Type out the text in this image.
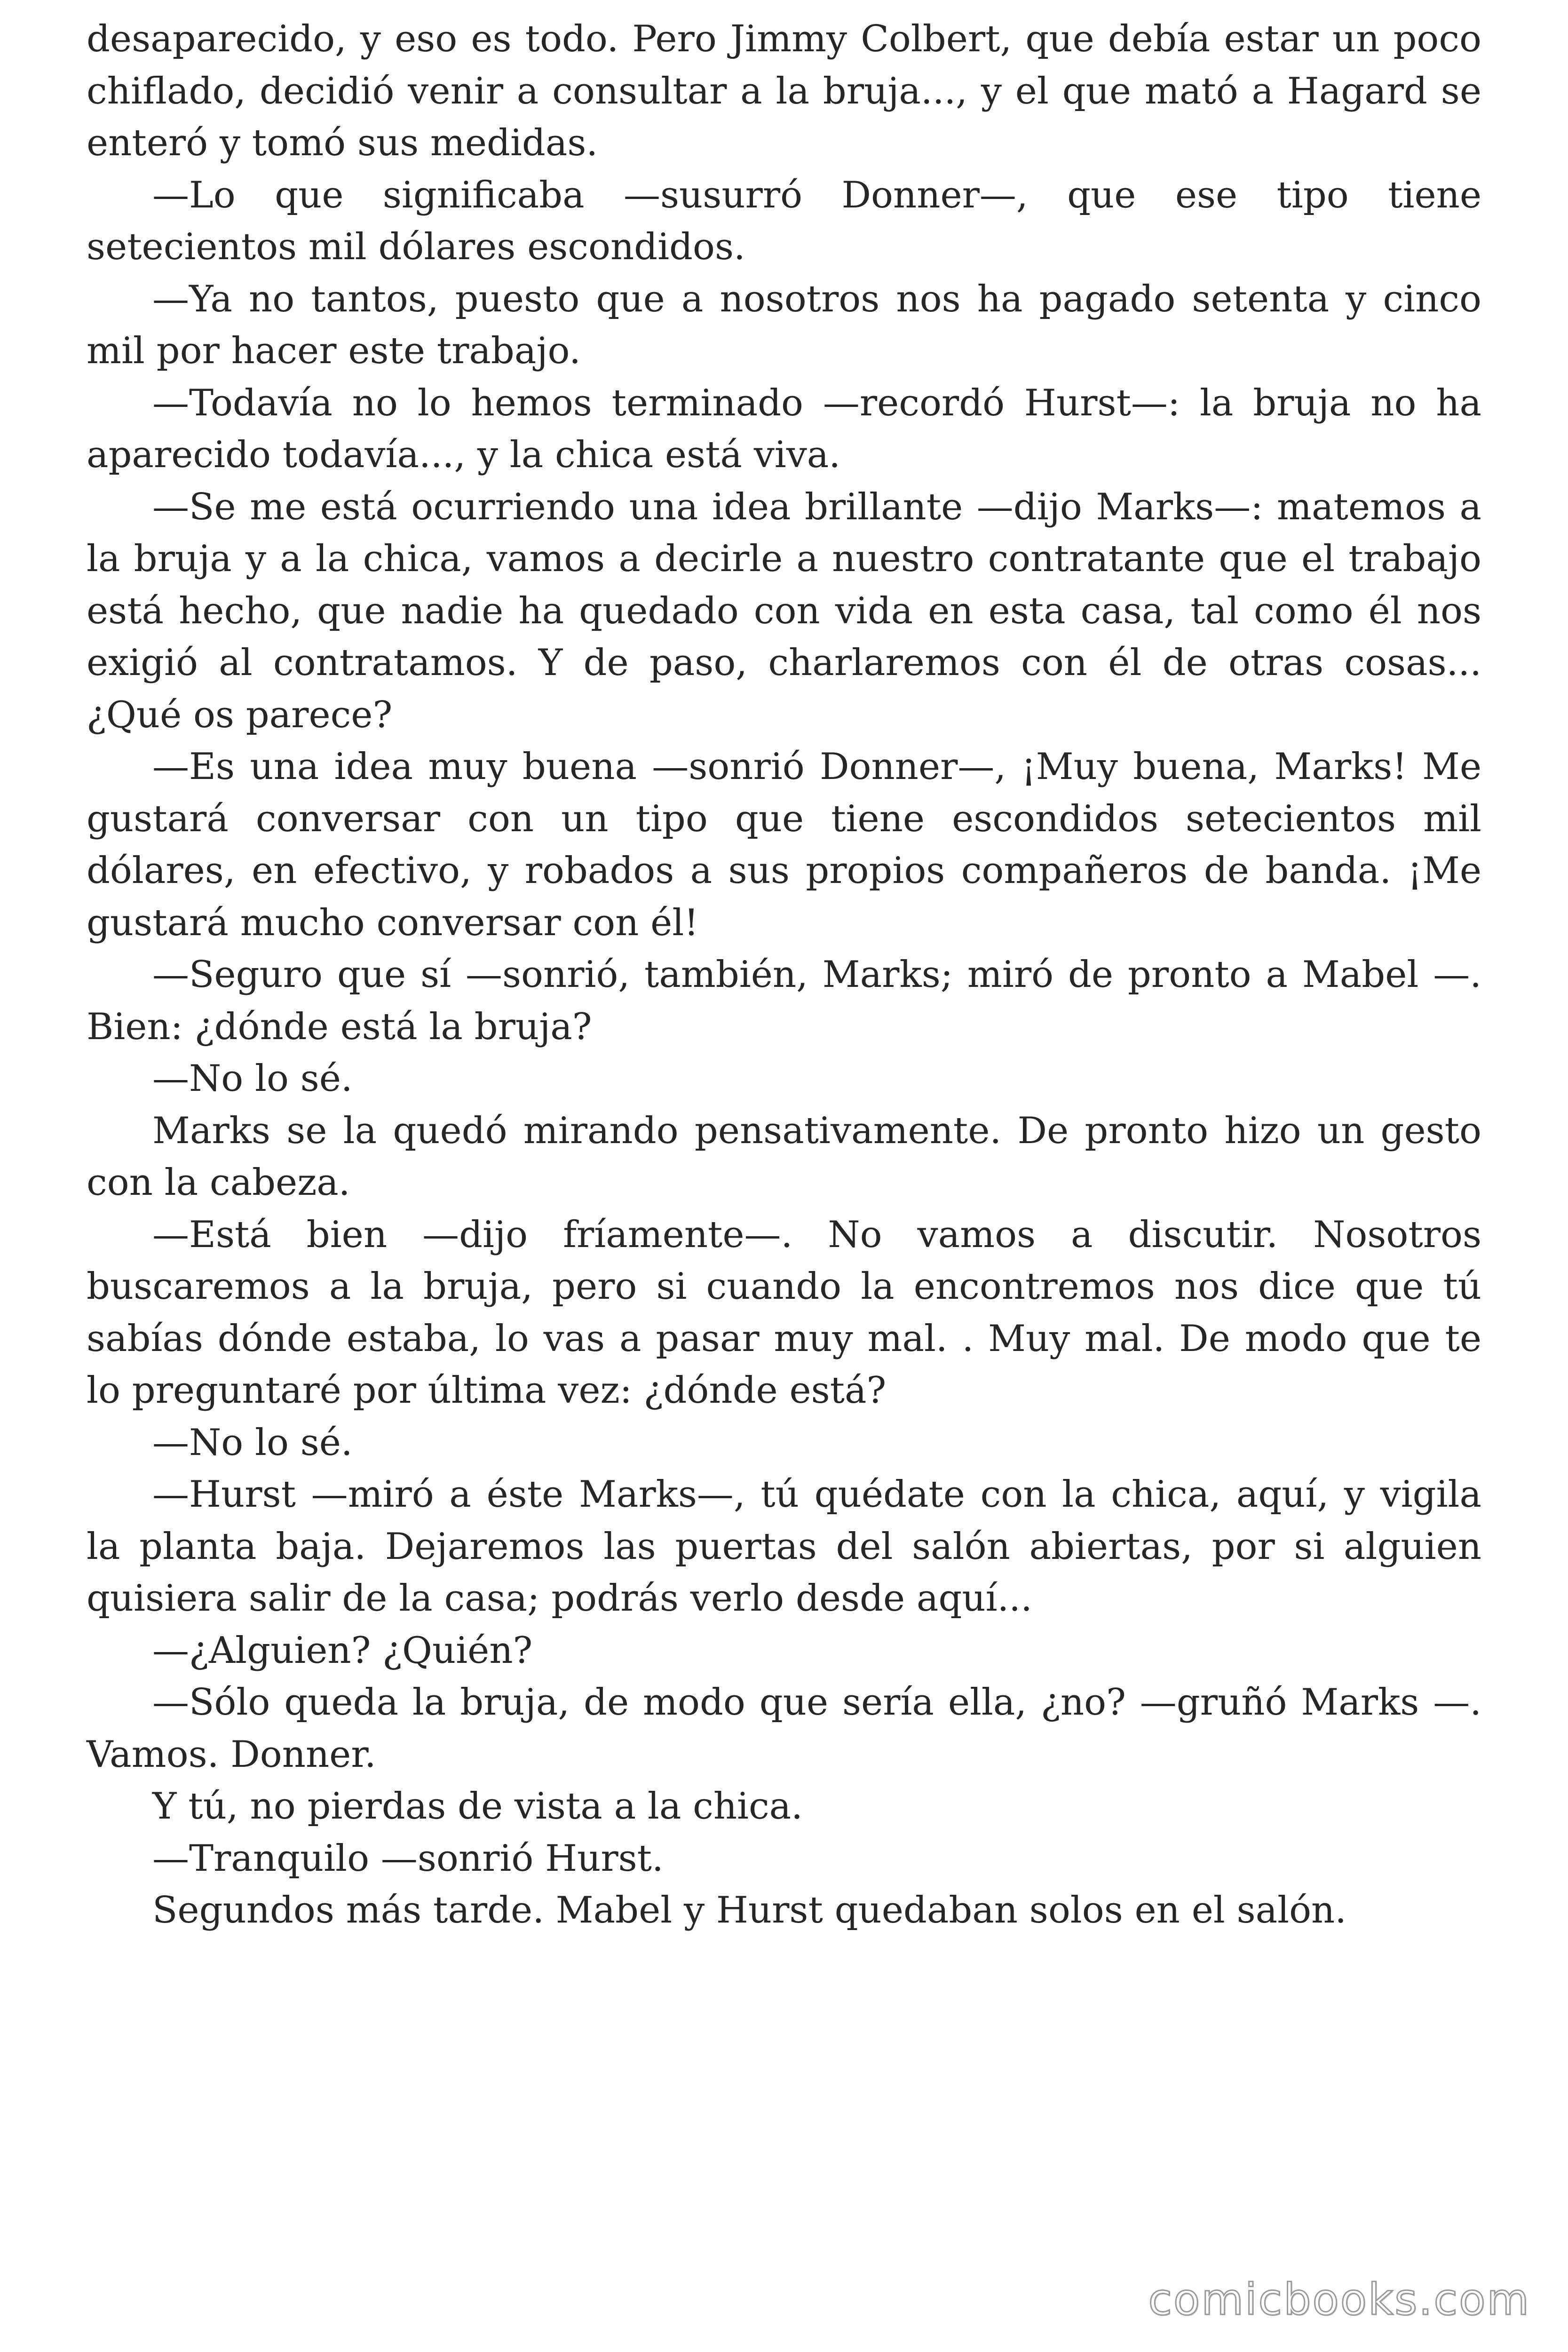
desaparecido, y eso es todo. Pero Jimmy Colbert, que debía estar un poco chiflado, decidió venir a consultar a la bruja..., y el que mató a Hagard se enteró y tomó sus medidas.

—Lo que significaba —susurró Donner—, que ese tipo tiene setecientos mil dólares escondidos.

—Ya no tantos, puesto que a nosotros nos ha pagado setenta y cinco mil por hacer este trabajo.

—Todavía no lo hemos terminado —recordó Hurst—: la bruja no ha aparecido todavía..., y la chica está viva.

—Se me está ocurriendo una idea brillante —dijo Marks—: matemos a la bruja y a la chica, vamos a decirle a nuestro contratante que el trabajo está hecho, que nadie ha quedado con vida en esta casa, tal como él nos exigió al contratamos. Y de paso, charlaremos con él de otras cosas... ¿Qué os parece?

—Es una idea muy buena —sonrió Donner—, ¡Muy buena, Marks! Me gustará conversar con un tipo que tiene escondidos setecientos mil dólares, en efectivo, y robados a sus propios compañeros de banda. ¡Me gustará mucho conversar con él!

—Seguro que sí —sonrió, también, Marks; miró de pronto a Mabel —. Bien: ¿dónde está la bruja?

—No lo sé.

Marks se la quedó mirando pensativamente. De pronto hizo un gesto con la cabeza.

—Está bien —dijo fríamente—. No vamos a discutir. Nosotros buscaremos a la bruja, pero si cuando la encontremos nos dice que tú sabías dónde estaba, lo vas a pasar muy mal. . Muy mal. De modo que te lo preguntaré por última vez: ¿dónde está?

—No lo sé.

—Hurst —miró a éste Marks—, tú quédate con la chica, aquí, y vigila la planta baja. Dejaremos las puertas del salón abiertas, por si alguien quisiera salir de la casa; podrás verlo desde aquí...

—¿Alguien? ¿Quién?

—Sólo queda la bruja, de modo que sería ella, ¿no? —gruñó Marks —. Vamos. Donner.

Y tú, no pierdas de vista a la chica.

—Tranquilo —sonrió Hurst.

Segundos más tarde. Mabel y Hurst quedaban solos en el salón.

comicbooks.com
